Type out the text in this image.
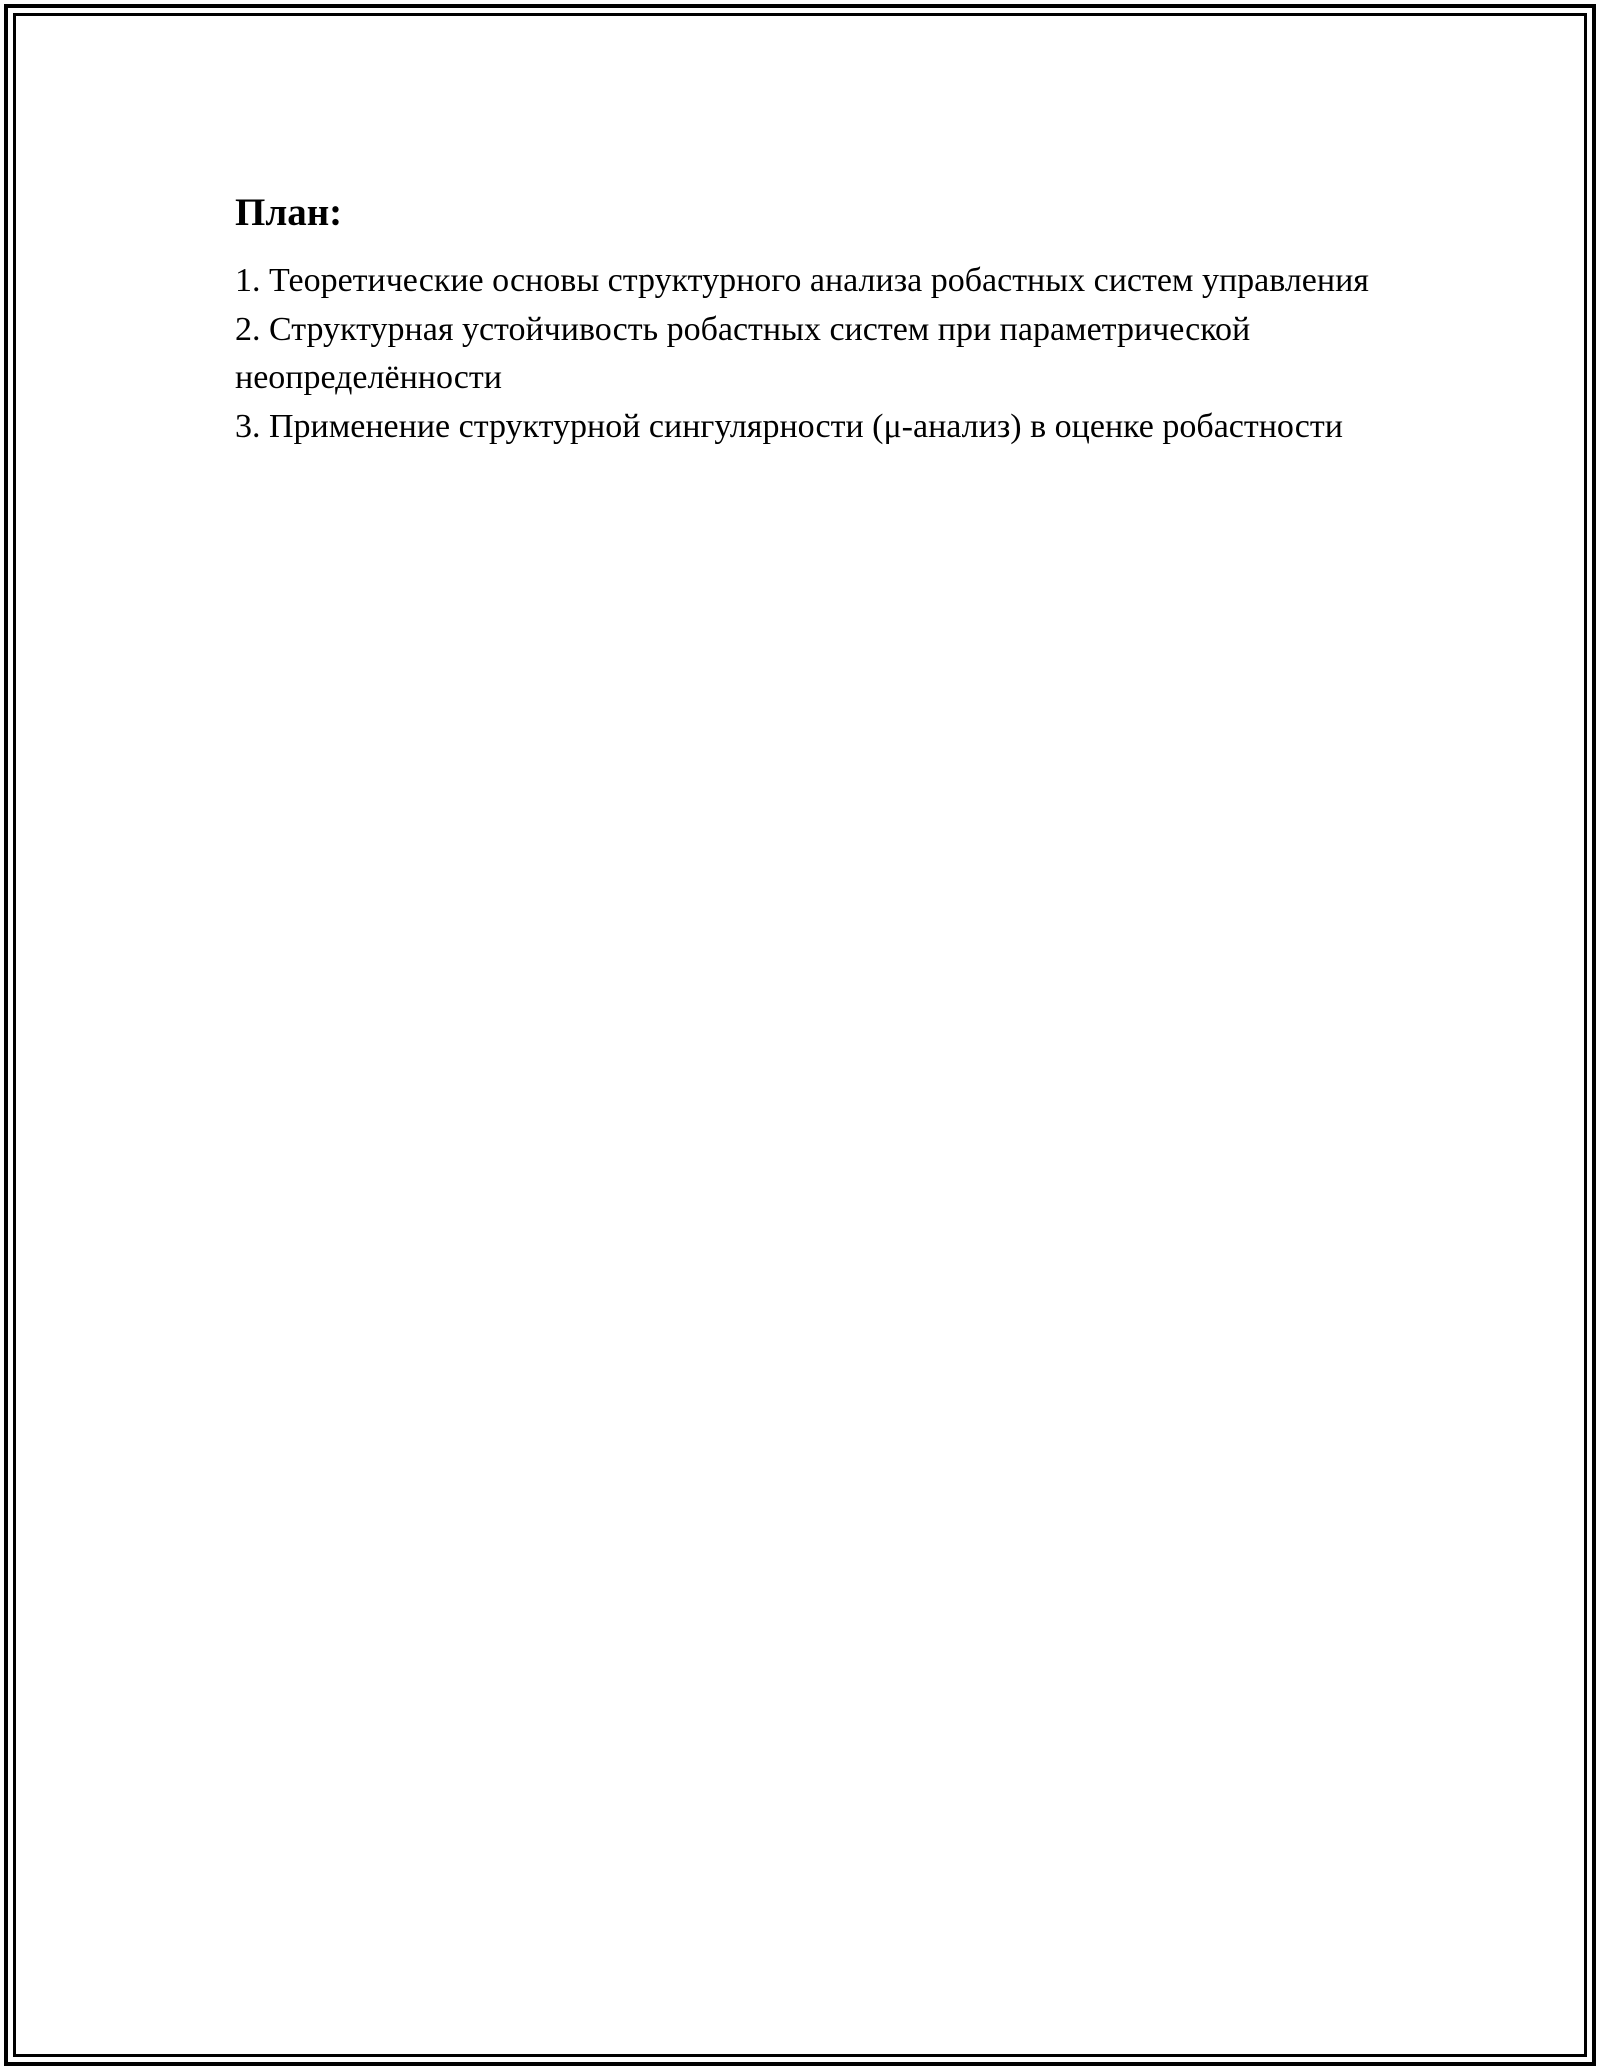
План:
1. Теоретические основы структурного анализа робастных систем управления
2. Структурная устойчивость робастных систем при параметрической неопределённости
3. Применение структурной сингулярности (μ-анализ) в оценке робастности
